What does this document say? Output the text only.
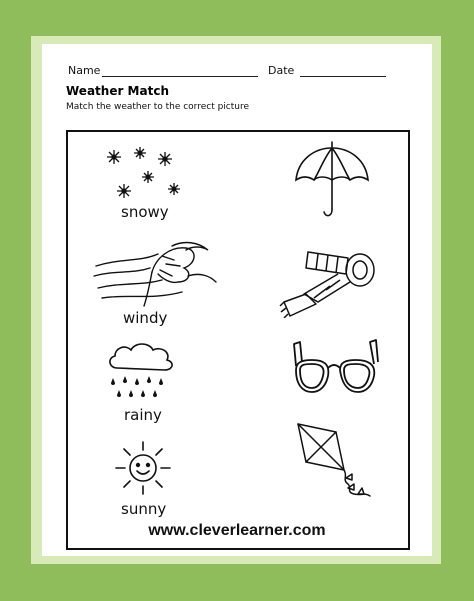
Name	Date
Weather Match
Match the weather to the correct picture
snowy
windy
rainy
sunny
www.cleverlearner.com
